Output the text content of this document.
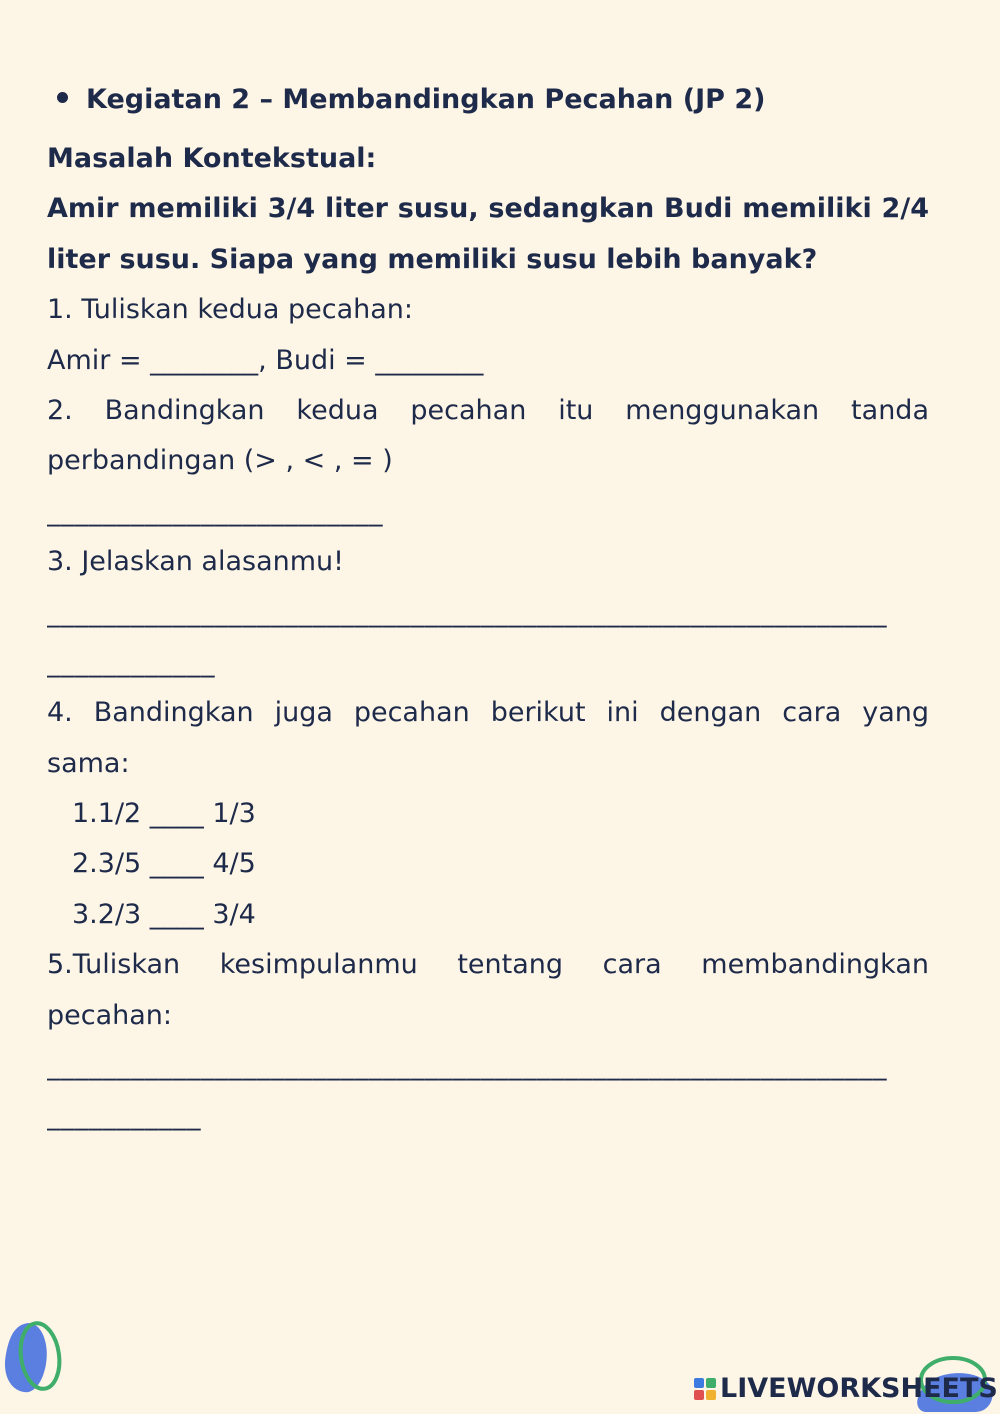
Kegiatan 2 – Membandingkan Pecahan (JP 2)
Masalah Kontekstual:
Amir memiliki 3/4 liter susu, sedangkan Budi memiliki 2/4
liter susu. Siapa yang memiliki susu lebih banyak?
1. Tuliskan kedua pecahan:
Amir = ________, Budi = ________
2. Bandingkan kedua pecahan itu menggunakan tanda
perbandingan (> , < , = )
________________________
3. Jelaskan alasanmu!
____________________________________________________________
____________
4. Bandingkan juga pecahan berikut ini dengan cara yang
sama:
1.1/2 ____ 1/3
2.3/5 ____ 4/5
3.2/3 ____ 3/4
5.Tuliskan kesimpulanmu tentang cara membandingkan
pecahan:
____________________________________________________________
___________
LIVEWORKSHEETS
